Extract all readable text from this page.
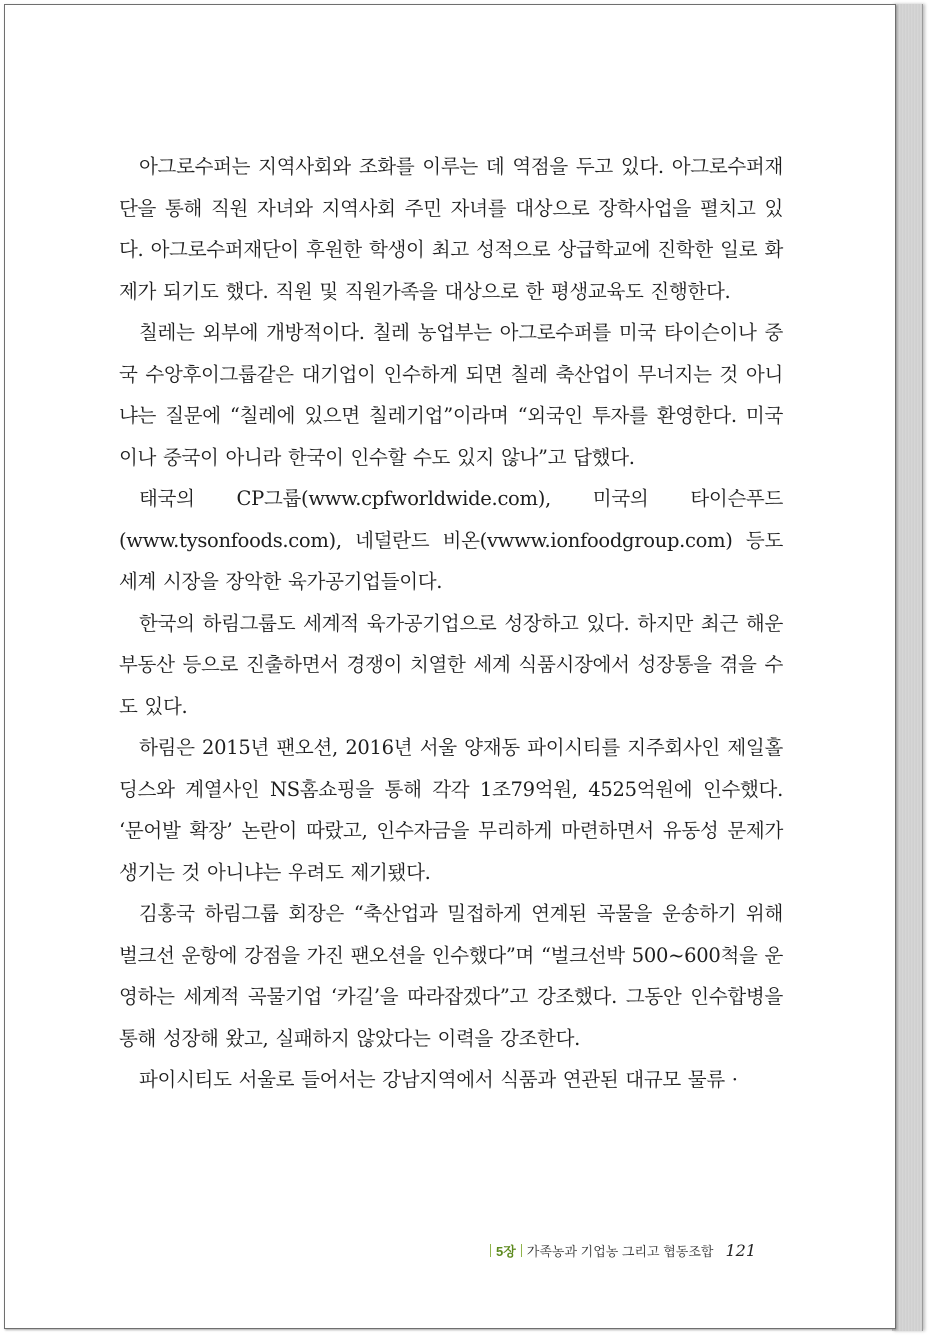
아그로수퍼는 지역사회와 조화를 이루는 데 역점을 두고 있다. 아그로수퍼재단을 통해 직원 자녀와 지역사회 주민 자녀를 대상으로 장학사업을 펼치고 있다. 아그로수퍼재단이 후원한 학생이 최고 성적으로 상급학교에 진학한 일로 화제가 되기도 했다. 직원 및 직원가족을 대상으로 한 평생교육도 진행한다.

칠레는 외부에 개방적이다. 칠레 농업부는 아그로수퍼를 미국 타이슨이나 중국 수앙후이그룹같은 대기업이 인수하게 되면 칠레 축산업이 무너지는 것 아니냐는 질문에 “칠레에 있으면 칠레기업”이라며 “외국인 투자를 환영한다. 미국이나 중국이 아니라 한국이 인수할 수도 있지 않나”고 답했다.

태국의 CP그룹(www.cpfworldwide.com), 미국의 타이슨푸드(www.tysonfoods.com), 네덜란드 비온(vwww.ionfoodgroup.com) 등도 세계 시장을 장악한 육가공기업들이다.

한국의 하림그룹도 세계적 육가공기업으로 성장하고 있다. 하지만 최근 해운 부동산 등으로 진출하면서 경쟁이 치열한 세계 식품시장에서 성장통을 겪을 수도 있다.

하림은 2015년 팬오션, 2016년 서울 양재동 파이시티를 지주회사인 제일홀딩스와 계열사인 NS홈쇼핑을 통해 각각 1조79억원, 4525억원에 인수했다. ‘문어발 확장’ 논란이 따랐고, 인수자금을 무리하게 마련하면서 유동성 문제가 생기는 것 아니냐는 우려도 제기됐다.

김홍국 하림그룹 회장은 “축산업과 밀접하게 연계된 곡물을 운송하기 위해 벌크선 운항에 강점을 가진 팬오션을 인수했다”며 “벌크선박 500~600척을 운영하는 세계적 곡물기업 ‘카길’을 따라잡겠다”고 강조했다. 그동안 인수합병을 통해 성장해 왔고, 실패하지 않았다는 이력을 강조한다.

파이시티도 서울로 들어서는 강남지역에서 식품과 연관된 대규모 물류 ·

5장 가족농과 기업농 그리고 협동조합 121
